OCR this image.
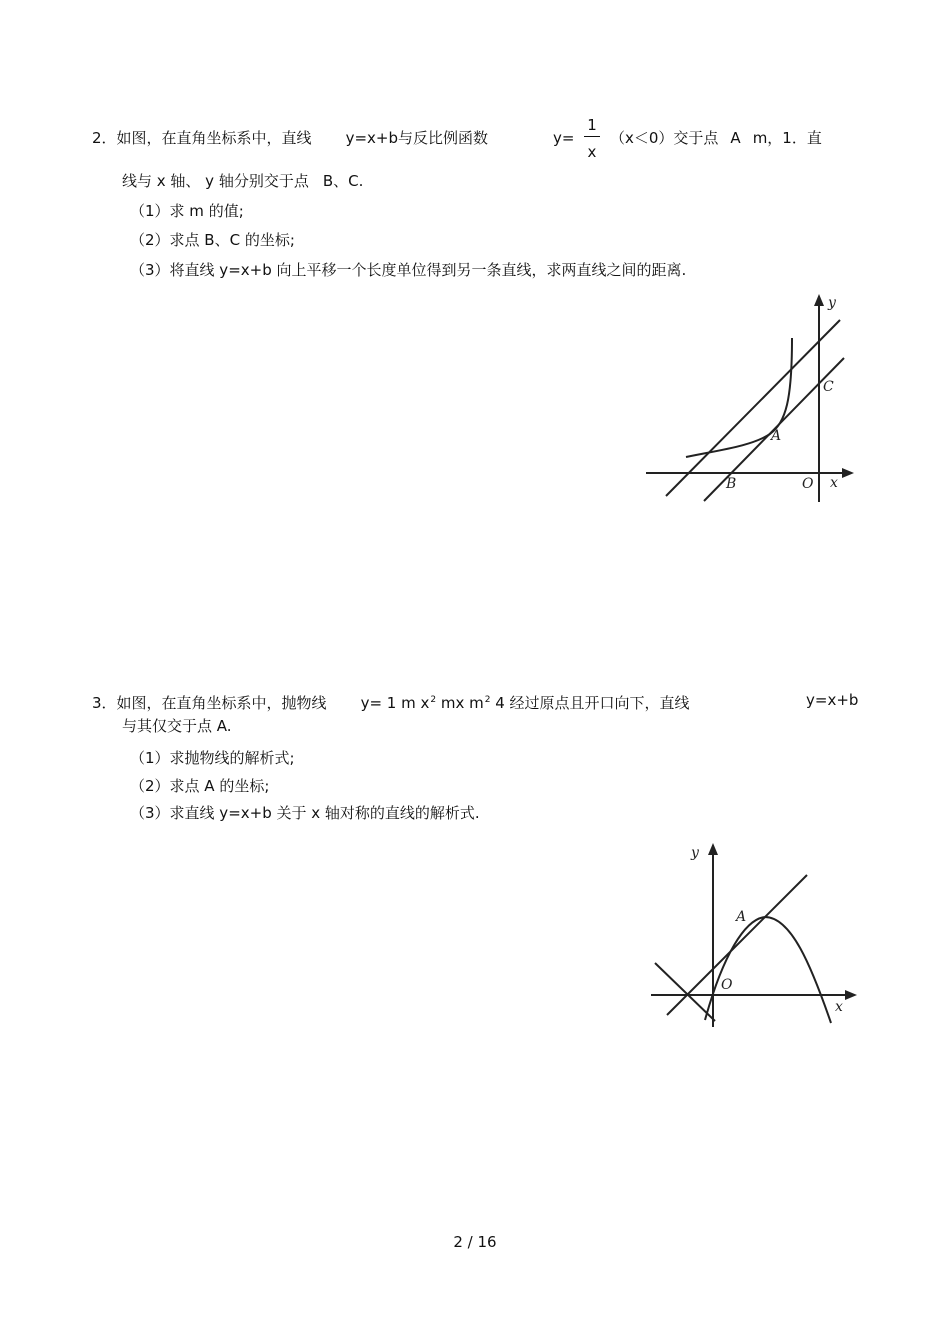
2．如图，在直角坐标系中，直线 y=x+b与反比例函数	y=
1
x
（x＜0）交于点 A m，1．直
线与 x 轴、 y 轴分别交于点 B、C.
（1）求 m 的值;
（2）求点 B、C 的坐标;
（3）将直线 y=x+b 向上平移一个长度单位得到另一条直线，求两直线之间的距离.
y
x
O
A
B
C
3．如图，在直角坐标系中，抛物线 y= 1 m $x^2$ mx $m^2$ 4 经过原点且开口向下，直线	y=x+b
与其仅交于点 A.
（1）求抛物线的解析式;
（2）求点 A 的坐标;
（3）求直线 y=x+b 关于 x 轴对称的直线的解析式.
y
x
O
A
2 / 16
